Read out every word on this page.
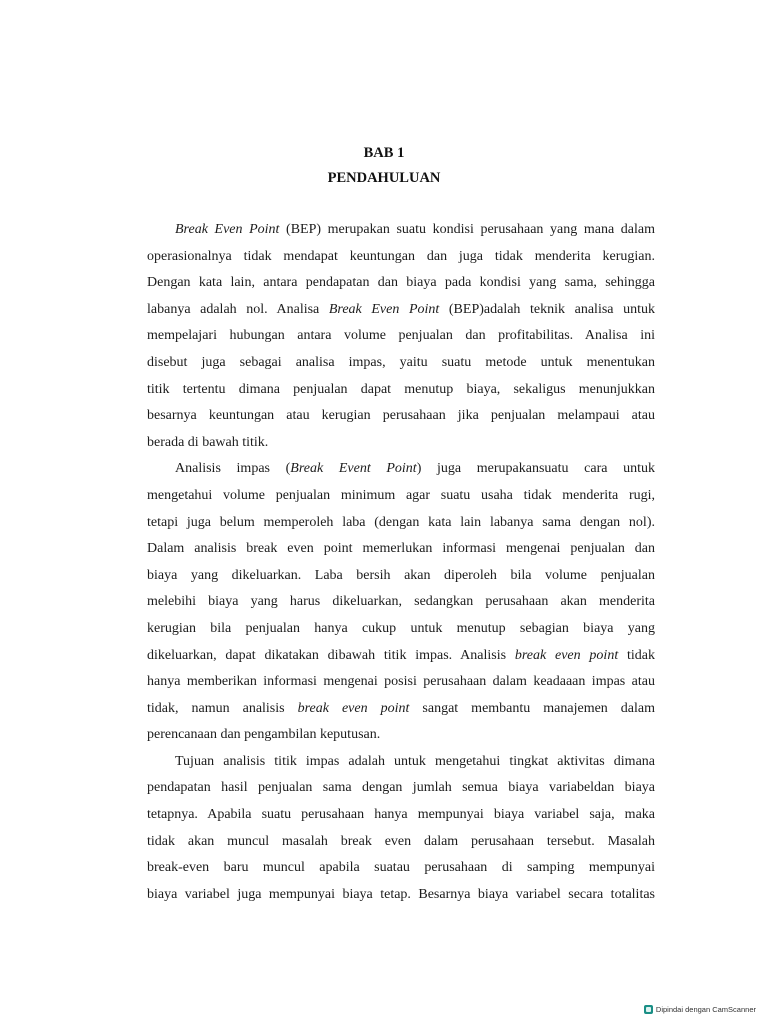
BAB 1
PENDAHULUAN
Break Even Point (BEP) merupakan suatu kondisi perusahaan yang mana dalam
operasionalnya tidak mendapat keuntungan dan juga tidak menderita kerugian.
Dengan kata lain, antara pendapatan dan biaya pada kondisi yang sama, sehingga
labanya adalah nol. Analisa Break Even Point (BEP)adalah teknik analisa untuk
mempelajari hubungan antara volume penjualan dan profitabilitas. Analisa ini
disebut juga sebagai analisa impas, yaitu suatu metode untuk menentukan
titik tertentu dimana penjualan dapat menutup biaya, sekaligus menunjukkan
besarnya keuntungan atau kerugian perusahaan jika penjualan melampaui atau
berada di bawah titik.
Analisis impas (Break Event Point) juga merupakansuatu cara untuk
mengetahui volume penjualan minimum agar suatu usaha tidak menderita rugi,
tetapi juga belum memperoleh laba (dengan kata lain labanya sama dengan nol).
Dalam analisis break even point memerlukan informasi mengenai penjualan dan
biaya yang dikeluarkan. Laba bersih akan diperoleh bila volume penjualan
melebihi biaya yang harus dikeluarkan, sedangkan perusahaan akan menderita
kerugian bila penjualan hanya cukup untuk menutup sebagian biaya yang
dikeluarkan, dapat dikatakan dibawah titik impas. Analisis break even point tidak
hanya memberikan informasi mengenai posisi perusahaan dalam keadaaan impas atau
tidak, namun analisis break even point sangat membantu manajemen dalam
perencanaan dan pengambilan keputusan.
Tujuan analisis titik impas adalah untuk mengetahui tingkat aktivitas dimana
pendapatan hasil penjualan sama dengan jumlah semua biaya variabeldan biaya
tetapnya. Apabila suatu perusahaan hanya mempunyai biaya variabel saja, maka
tidak akan muncul masalah break even dalam perusahaan tersebut. Masalah
break-even baru muncul apabila suatau perusahaan di samping mempunyai
biaya variabel juga mempunyai biaya tetap. Besarnya biaya variabel secara totalitas
Dipindai dengan CamScanner
